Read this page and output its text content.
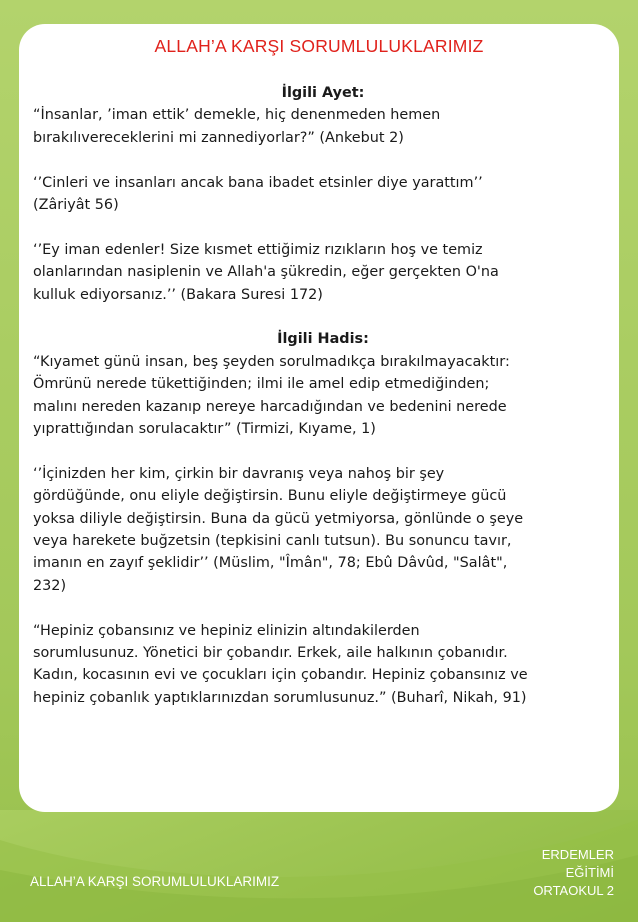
ALLAH’A KARŞI SORUMLULUKLARIMIZ

İlgili Ayet:

“İnsanlar, ’iman ettik’ demekle, hiç denenmeden hemen
bırakılıvereceklerini mi zannediyorlar?” (Ankebut 2)

‘’Cinleri ve insanları ancak bana ibadet etsinler diye yarattım’’
(Zâriyât 56)

‘’Ey iman edenler! Size kısmet ettiğimiz rızıkların hoş ve temiz
olanlarından nasiplenin ve Allah'a şükredin, eğer gerçekten O'na
kulluk ediyorsanız.’’ (Bakara Suresi 172)

İlgili Hadis:

“Kıyamet günü insan, beş şeyden sorulmadıkça bırakılmayacaktır:
Ömrünü nerede tükettiğinden; ilmi ile amel edip etmediğinden;
malını nereden kazanıp nereye harcadığından ve bedenini nerede
yıprattığından sorulacaktır” (Tirmizi, Kıyame, 1)

‘’İçinizden her kim, çirkin bir davranış veya nahoş bir şey
gördüğünde, onu eliyle değiştirsin. Bunu eliyle değiştirmeye gücü
yoksa diliyle değiştirsin. Buna da gücü yetmiyorsa, gönlünde o şeye
veya harekete buğzetsin (tepkisini canlı tutsun). Bu sonuncu tavır,
imanın en zayıf şeklidir’’ (Müslim, "Îmân", 78; Ebû Dâvûd, "Salât",
232)

“Hepiniz çobansınız ve hepiniz elinizin altındakilerden
sorumlusunuz. Yönetici bir çobandır. Erkek, aile halkının çobanıdır.
Kadın, kocasının evi ve çocukları için çobandır. Hepiniz çobansınız ve
hepiniz çobanlık yaptıklarınızdan sorumlusunuz.” (Buharî, Nikah, 91)

ALLAH’A KARŞI SORUMLULUKLARIMIZ
ERDEMLER
EĞİTİMİ
ORTAOKUL 2
